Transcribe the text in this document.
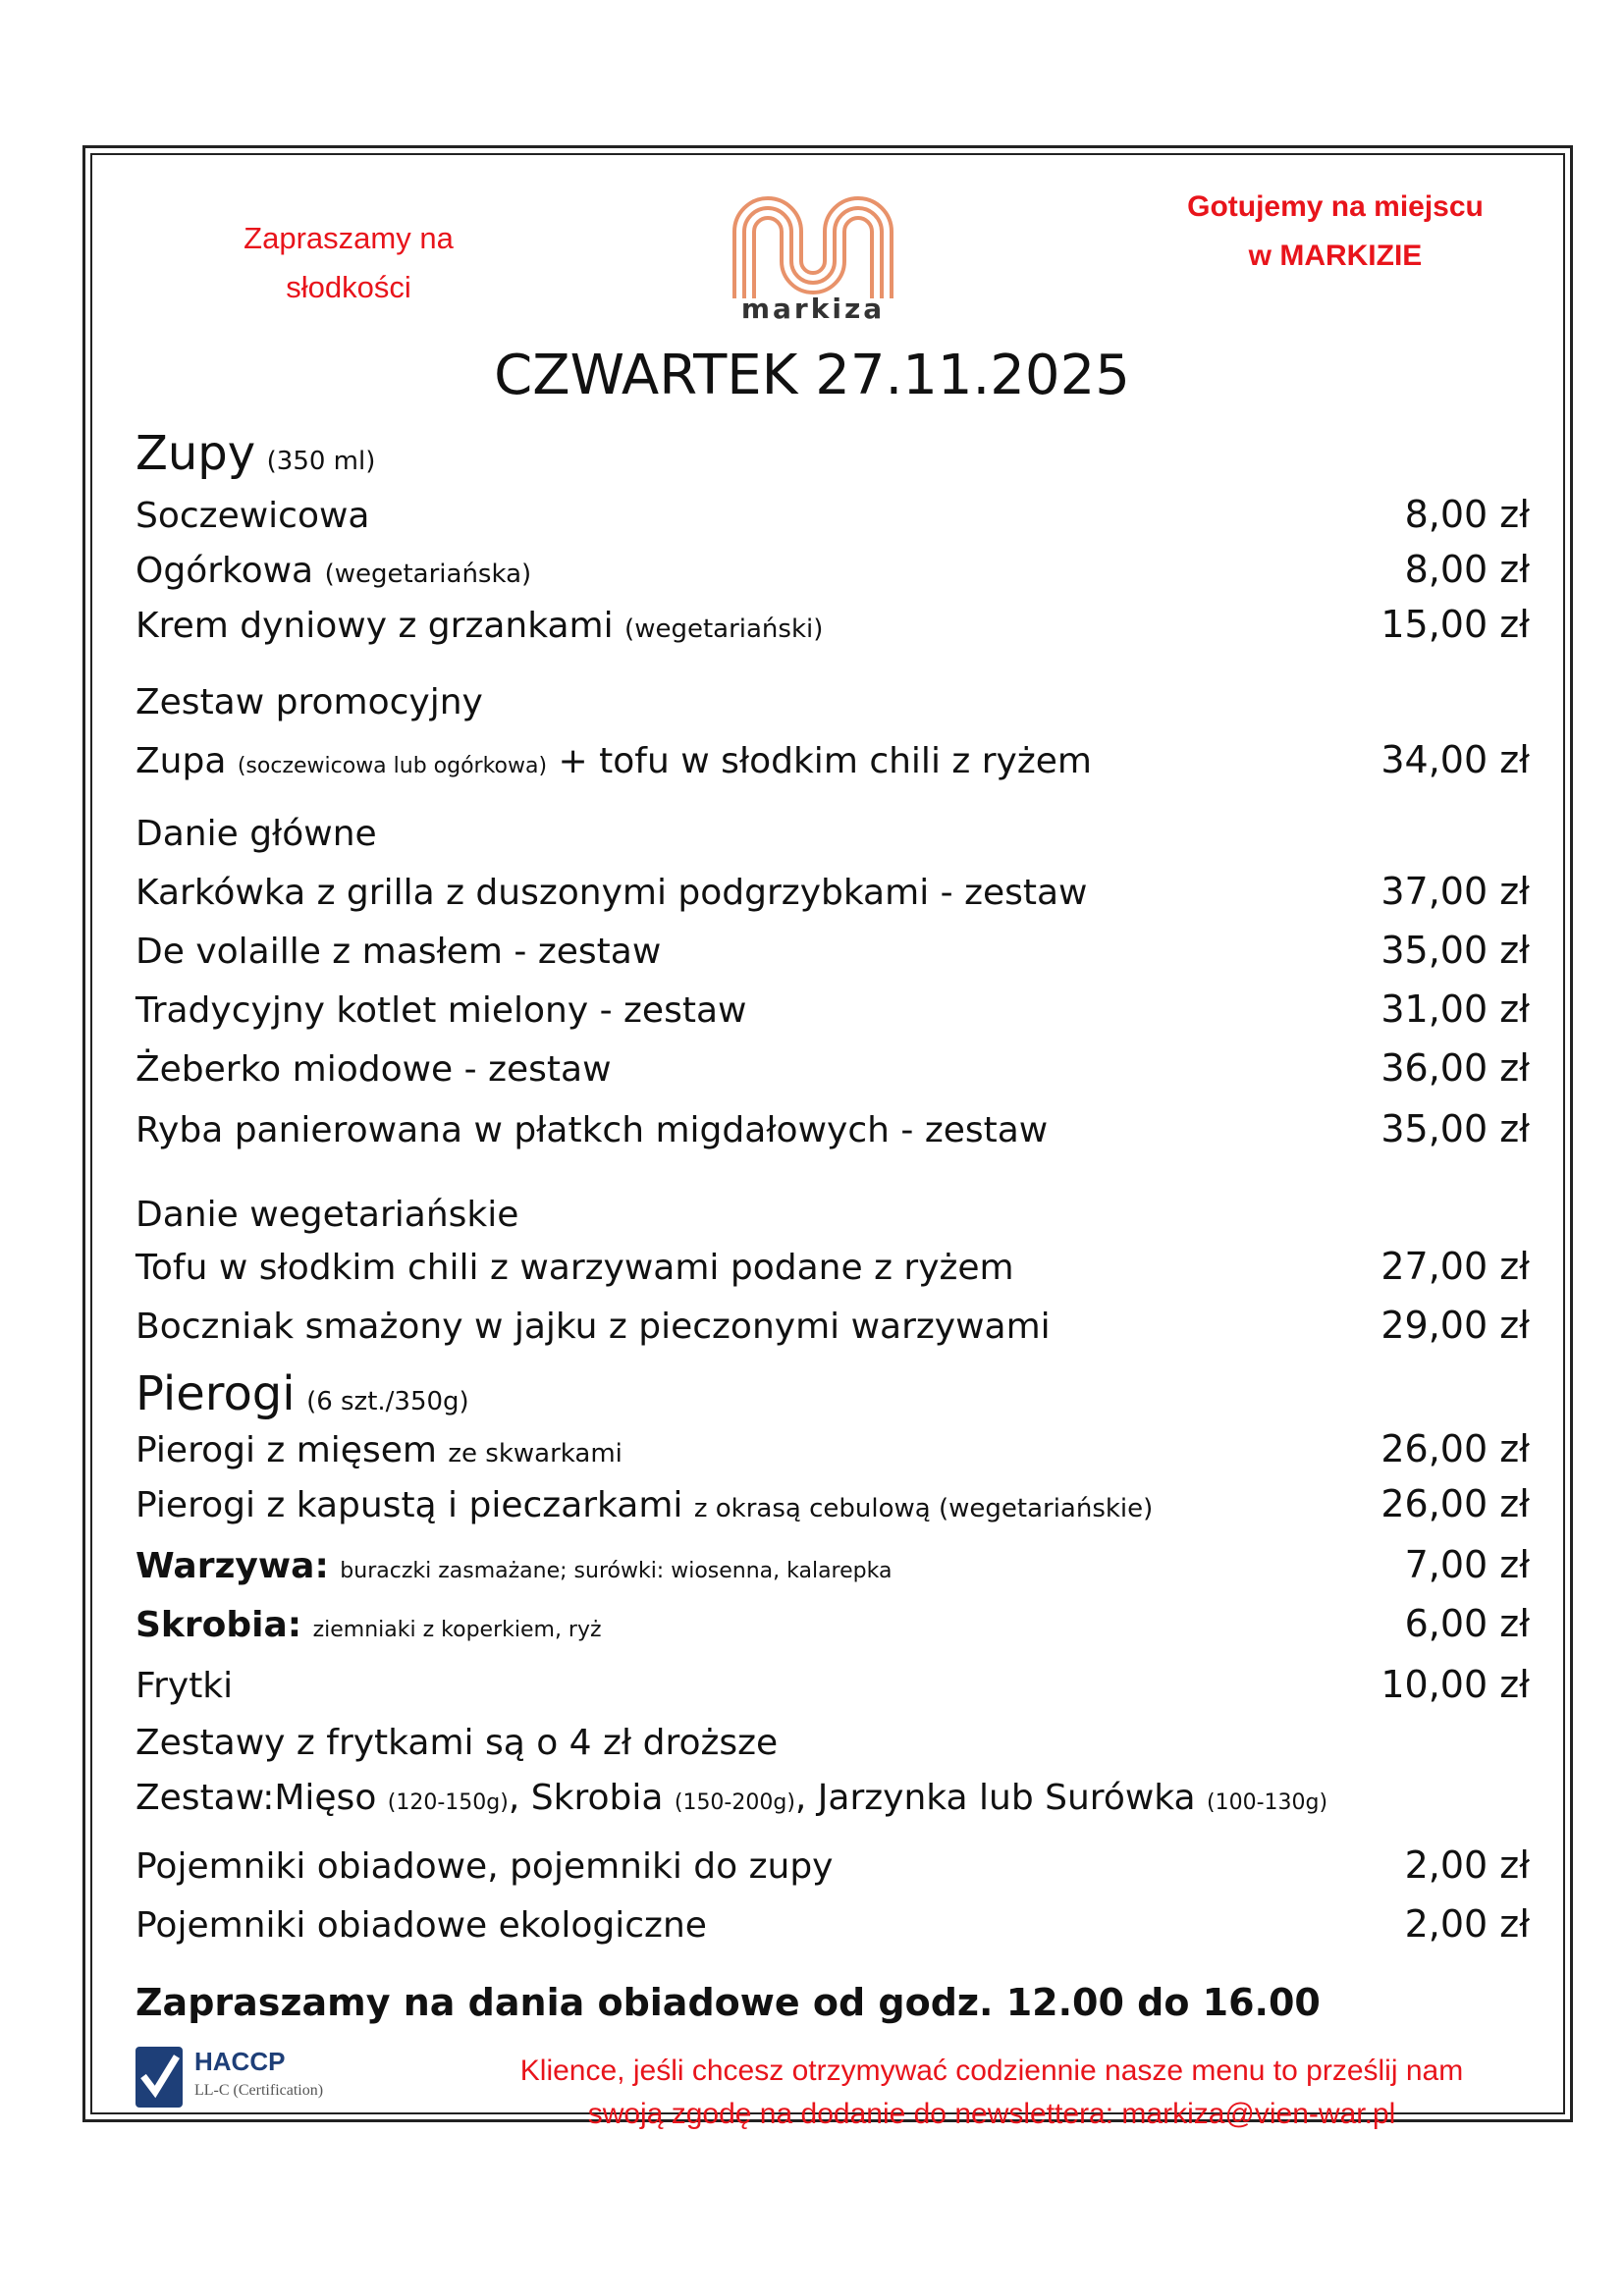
Zapraszamy na
słodkości
Gotujemy na miejscu
w MARKIZIE
markiza
CZWARTEK 27.11.2025
Zupy (350 ml)
Soczewicowa	8,00 zł
Ogórkowa (wegetariańska)	8,00 zł
Krem dyniowy z grzankami (wegetariański)	15,00 zł
Zestaw promocyjny
Zupa (soczewicowa lub ogórkowa) + tofu w słodkim chili z ryżem	34,00 zł
Danie główne
Karkówka z grilla z duszonymi podgrzybkami - zestaw	37,00 zł
De volaille z masłem - zestaw	35,00 zł
Tradycyjny kotlet mielony - zestaw	31,00 zł
Żeberko miodowe - zestaw	36,00 zł
Ryba panierowana w płatkch migdałowych - zestaw	35,00 zł
Danie wegetariańskie
Tofu w słodkim chili z warzywami podane z ryżem	27,00 zł
Boczniak smażony w jajku z pieczonymi warzywami	29,00 zł
Pierogi (6 szt./350g)
Pierogi z mięsem ze skwarkami	26,00 zł
Pierogi z kapustą i pieczarkami z okrasą cebulową (wegetariańskie)	26,00 zł
Warzywa: buraczki zasmażane; surówki: wiosenna, kalarepka	7,00 zł
Skrobia: ziemniaki z koperkiem, ryż	6,00 zł
Frytki	10,00 zł
Zestawy z frytkami są o 4 zł droższe
Zestaw:Mięso (120-150g), Skrobia (150-200g), Jarzynka lub Surówka (100-130g)
Pojemniki obiadowe, pojemniki do zupy	2,00 zł
Pojemniki obiadowe ekologiczne	2,00 zł
Zapraszamy na dania obiadowe od godz. 12.00 do 16.00
HACCP
LL-C (Certification)
Klience, jeśli chcesz otrzymywać codziennie nasze menu to prześlij nam
swoją zgodę na dodanie do newslettera: markiza@vien-war.pl
